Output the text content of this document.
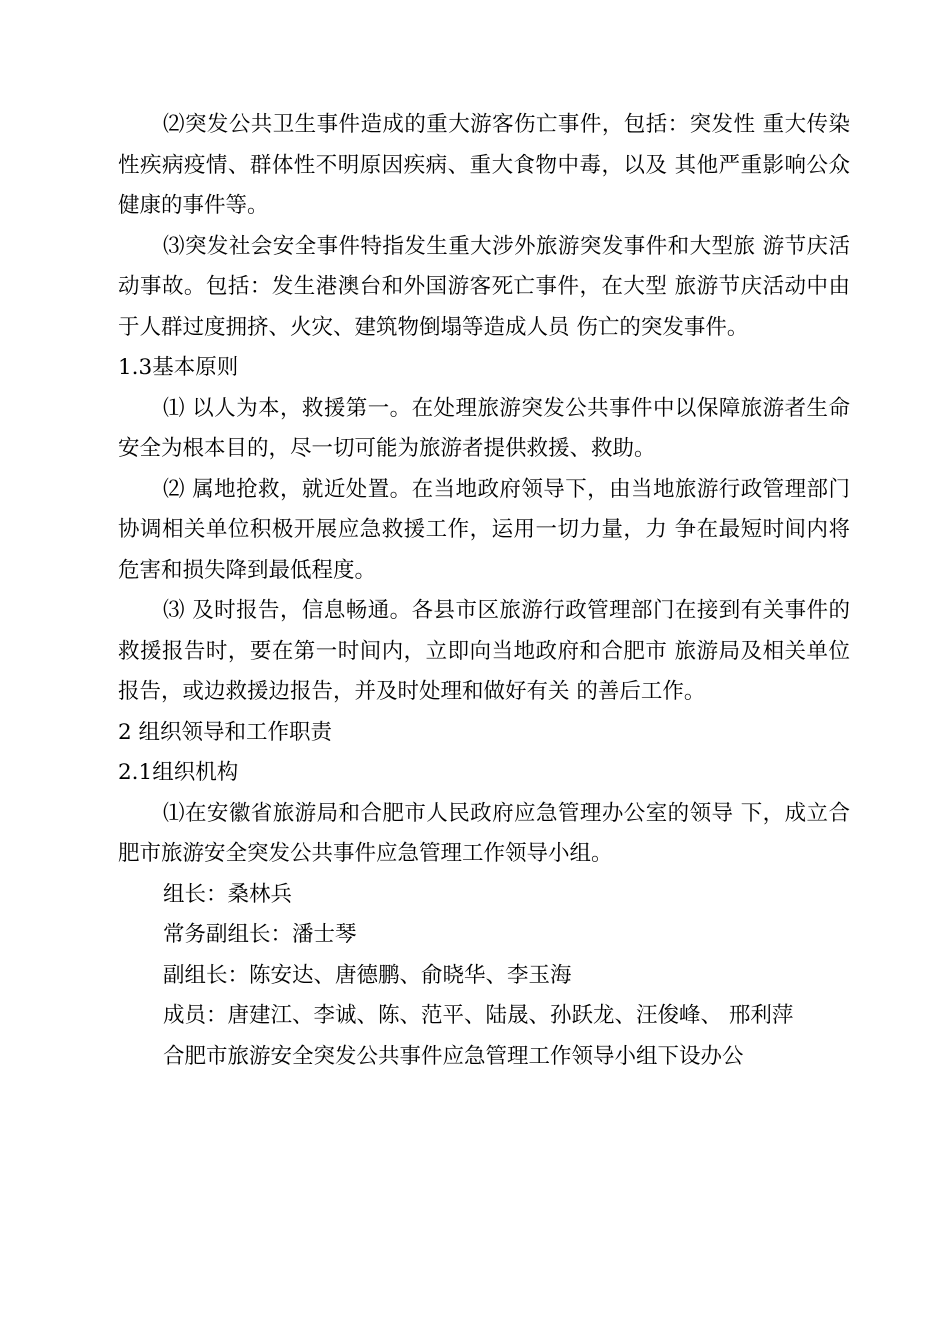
⑵突发公共卫生事件造成的重大游客伤亡事件，包括：突发性 重大传染性疾病疫情、群体性不明原因疾病、重大食物中毒，以及 其他严重影响公众健康的事件等。

⑶突发社会安全事件特指发生重大涉外旅游突发事件和大型旅 游节庆活动事故。包括：发生港澳台和外国游客死亡事件，在大型 旅游节庆活动中由于人群过度拥挤、火灾、建筑物倒塌等造成人员 伤亡的突发事件。

1.3基本原则

⑴ 以人为本，救援第一。在处理旅游突发公共事件中以保障旅游者生命安全为根本目的，尽一切可能为旅游者提供救援、救助。

⑵ 属地抢救，就近处置。在当地政府领导下，由当地旅游行政管理部门协调相关单位积极开展应急救援工作，运用一切力量，力 争在最短时间内将危害和损失降到最低程度。

⑶ 及时报告，信息畅通。各县市区旅游行政管理部门在接到有关事件的救援报告时，要在第一时间内，立即向当地政府和合肥市 旅游局及相关单位报告，或边救援边报告，并及时处理和做好有关 的善后工作。

2 组织领导和工作职责

2.1组织机构

⑴在安徽省旅游局和合肥市人民政府应急管理办公室的领导 下，成立合肥市旅游安全突发公共事件应急管理工作领导小组。

组长：桑林兵

常务副组长：潘士琴

副组长：陈安达、唐德鹏、俞晓华、李玉海

成员：唐建江、李诚、陈、范平、陆晟、孙跃龙、汪俊峰、 邢利萍

合肥市旅游安全突发公共事件应急管理工作领导小组下设办公
